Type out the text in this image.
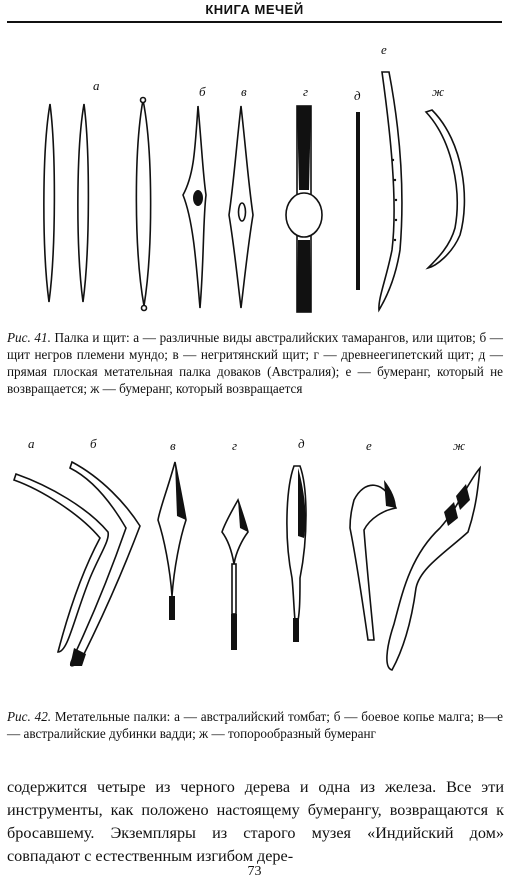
КНИГА МЕЧЕЙ
а	б	в	г	д
е
ж
Рис. 41. Палка и щит: а — различные виды австралийских тамарангов, или щитов; б — щит негров племени мундо; в — негритянский щит; г — древнеегипетский щит; д — прямая плоская метательная палка доваков (Австралия); е — бумеранг, который не возвращается; ж — бумеранг, который возвращается
а	б	в	г	д	е	ж
Рис. 42. Метательные палки: а — австралийский томбат; б — боевое копье малга; в—е — австралийские дубинки вадди; ж — топорообразный бумеранг
содержится четыре из черного дерева и одна из железа. Все эти инструменты, как положено настоящему бумерангу, возвращаются к бросавшему. Экземпляры из старого музея «Индийский дом» совпадают с естественным изгибом дере-
73
